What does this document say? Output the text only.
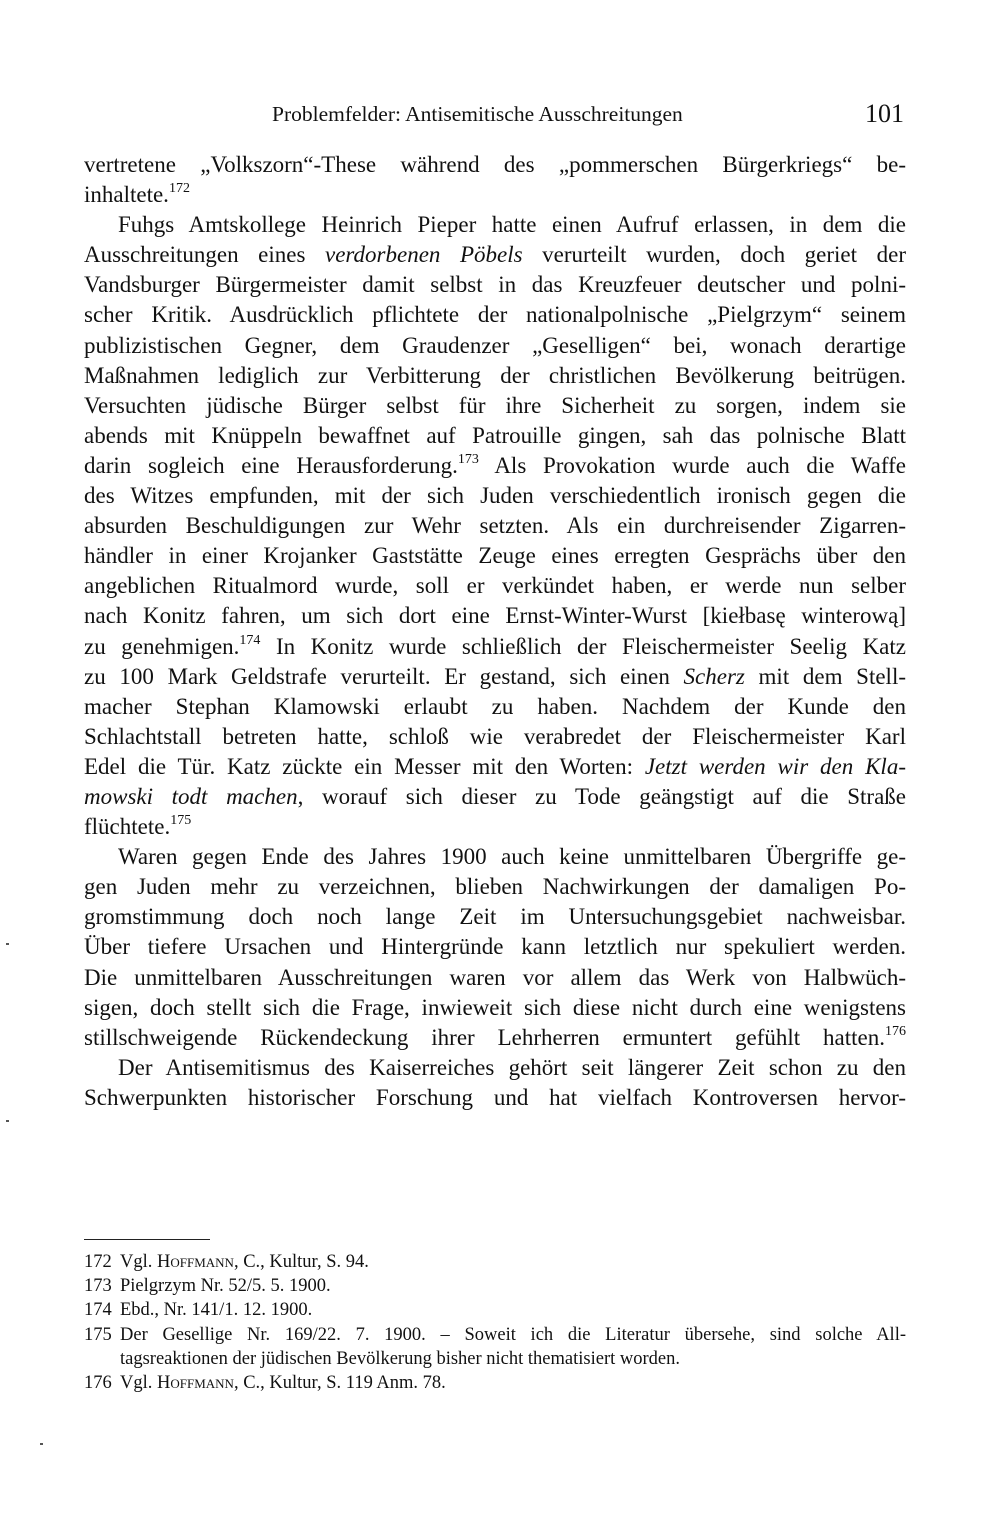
Problemfelder: Antisemitische Ausschreitungen	101
vertretene „Volkszorn“-These während des „pommerschen Bürgerkriegs“ be-
inhaltete.$^{172}$
Fuhgs Amtskollege Heinrich Pieper hatte einen Aufruf erlassen, in dem die
Ausschreitungen eines verdorbenen Pöbels verurteilt wurden, doch geriet der
Vandsburger Bürgermeister damit selbst in das Kreuzfeuer deutscher und polni-
scher Kritik. Ausdrücklich pflichtete der nationalpolnische „Pielgrzym“ seinem
publizistischen Gegner, dem Graudenzer „Geselligen“ bei, wonach derartige
Maßnahmen lediglich zur Verbitterung der christlichen Bevölkerung beitrügen.
Versuchten jüdische Bürger selbst für ihre Sicherheit zu sorgen, indem sie
abends mit Knüppeln bewaffnet auf Patrouille gingen, sah das polnische Blatt
darin sogleich eine Herausforderung.$^{173}$ Als Provokation wurde auch die Waffe
des Witzes empfunden, mit der sich Juden verschiedentlich ironisch gegen die
absurden Beschuldigungen zur Wehr setzten. Als ein durchreisender Zigarren-
händler in einer Krojanker Gaststätte Zeuge eines erregten Gesprächs über den
angeblichen Ritualmord wurde, soll er verkündet haben, er werde nun selber
nach Konitz fahren, um sich dort eine Ernst-Winter-Wurst [kiełbasę winterową]
zu genehmigen.$^{174}$ In Konitz wurde schließlich der Fleischermeister Seelig Katz
zu 100 Mark Geldstrafe verurteilt. Er gestand, sich einen Scherz mit dem Stell-
macher Stephan Klamowski erlaubt zu haben. Nachdem der Kunde den
Schlachtstall betreten hatte, schloß wie verabredet der Fleischermeister Karl
Edel die Tür. Katz zückte ein Messer mit den Worten: Jetzt werden wir den Kla-
mowski todt machen, worauf sich dieser zu Tode geängstigt auf die Straße
flüchtete.$^{175}$
Waren gegen Ende des Jahres 1900 auch keine unmittelbaren Übergriffe ge-
gen Juden mehr zu verzeichnen, blieben Nachwirkungen der damaligen Po-
gromstimmung doch noch lange Zeit im Untersuchungsgebiet nachweisbar.
Über tiefere Ursachen und Hintergründe kann letztlich nur spekuliert werden.
Die unmittelbaren Ausschreitungen waren vor allem das Werk von Halbwüch-
sigen, doch stellt sich die Frage, inwieweit sich diese nicht durch eine wenigstens
stillschweigende Rückendeckung ihrer Lehrherren ermuntert gefühlt hatten.$^{176}$
Der Antisemitismus des Kaiserreiches gehört seit längerer Zeit schon zu den
Schwerpunkten historischer Forschung und hat vielfach Kontroversen hervor-
172 Vgl. Hoffmann, C., Kultur, S. 94.
173 Pielgrzym Nr. 52/5. 5. 1900.
174 Ebd., Nr. 141/1. 12. 1900.
175 Der Gesellige Nr. 169/22. 7. 1900. – Soweit ich die Literatur übersehe, sind solche All-
tagsreaktionen der jüdischen Bevölkerung bisher nicht thematisiert worden.
176 Vgl. Hoffmann, C., Kultur, S. 119 Anm. 78.
